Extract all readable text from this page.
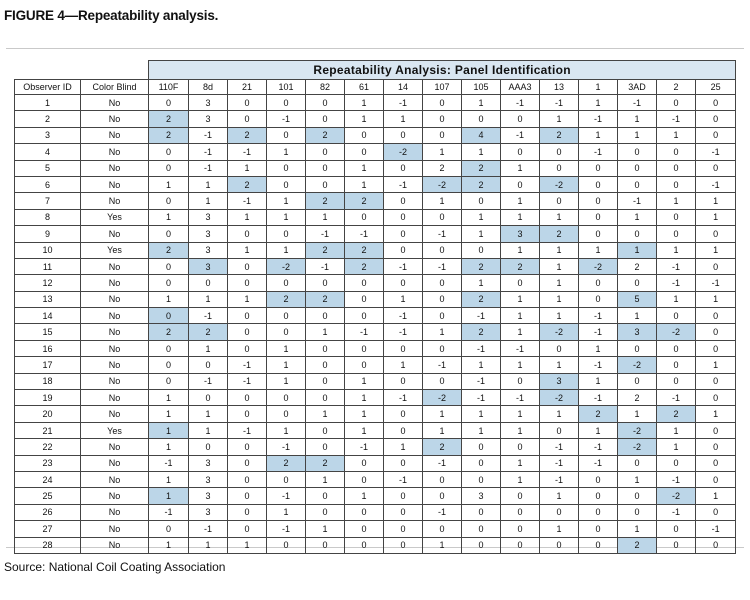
FIGURE 4—Repeatability analysis.
		Repeatability Analysis: Panel Identification														
Observer ID	Color Blind	110F	8d	21	101	82	61	14	107	105	AAA3	13	1	3AD	2	25
1	No	0	3	0	0	0	1	-1	0	1	-1	-1	1	-1	0	0
2	No	2	3	0	-1	0	1	1	0	0	0	1	-1	1	-1	0
3	No	2	-1	2	0	2	0	0	0	4	-1	2	1	1	1	0
4	No	0	-1	-1	1	0	0	-2	1	1	0	0	-1	0	0	-1
5	No	0	-1	1	0	0	1	0	2	2	1	0	0	0	0	0
6	No	1	1	2	0	0	1	-1	-2	2	0	-2	0	0	0	-1
7	No	0	1	-1	1	2	2	0	1	0	1	0	0	-1	1	1
8	Yes	1	3	1	1	1	0	0	0	1	1	1	0	1	0	1
9	No	0	3	0	0	-1	-1	0	-1	1	3	2	0	0	0	0
10	Yes	2	3	1	1	2	2	0	0	0	1	1	1	1	1	1
11	No	0	3	0	-2	-1	2	-1	-1	2	2	1	-2	2	-1	0
12	No	0	0	0	0	0	0	0	0	1	0	1	0	0	-1	-1
13	No	1	1	1	2	2	0	1	0	2	1	1	0	5	1	1
14	No	0	-1	0	0	0	0	-1	0	-1	1	1	-1	1	0	0
15	No	2	2	0	0	1	-1	-1	1	2	1	-2	-1	3	-2	0
16	No	0	1	0	1	0	0	0	0	-1	-1	0	1	0	0	0
17	No	0	0	-1	1	0	0	1	-1	1	1	1	-1	-2	0	1
18	No	0	-1	-1	1	0	1	0	0	-1	0	3	1	0	0	0
19	No	1	0	0	0	0	1	-1	-2	-1	-1	-2	-1	2	-1	0
20	No	1	1	0	0	1	1	0	1	1	1	1	2	1	2	1
21	Yes	1	1	-1	1	0	1	0	1	1	1	0	1	-2	1	0
22	No	1	0	0	-1	0	-1	1	2	0	0	-1	-1	-2	1	0
23	No	-1	3	0	2	2	0	0	-1	0	1	-1	-1	0	0	0
24	No	1	3	0	0	1	0	-1	0	0	1	-1	0	1	-1	0
25	No	1	3	0	-1	0	1	0	0	3	0	1	0	0	-2	1
26	No	-1	3	0	1	0	0	0	-1	0	0	0	0	0	-1	0
27	No	0	-1	0	-1	1	0	0	0	0	0	1	0	1	0	-1
28	No	1	1	1	0	0	0	0	1	0	0	0	0	2	0	0
Source: National Coil Coating Association
